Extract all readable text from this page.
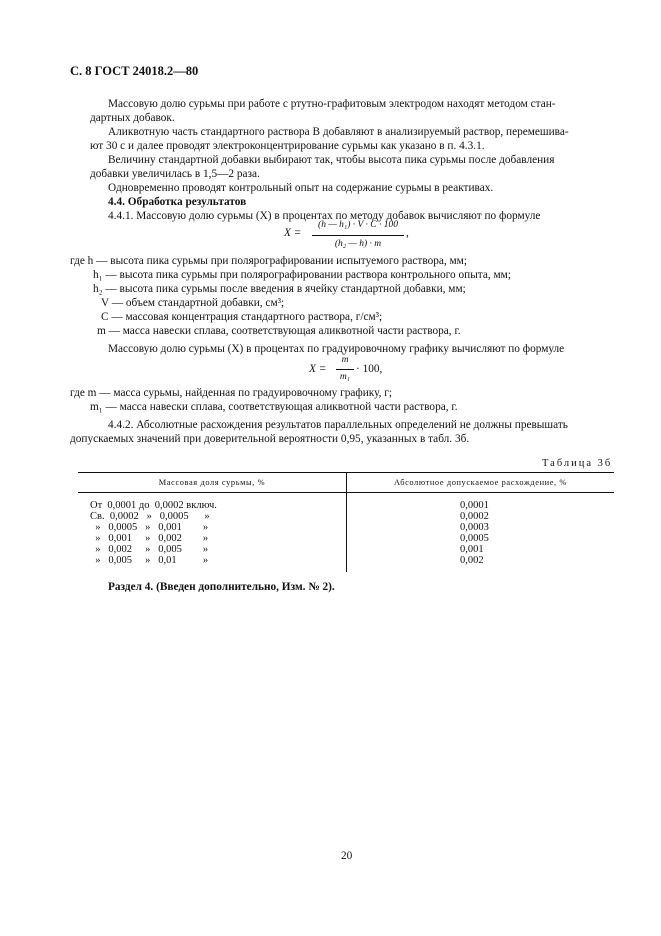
С. 8 ГОСТ 24018.2—80
Массовую долю сурьмы при работе с ртутно-графитовым электродом находят методом стан-
дартных добавок.
Аликвотную часть стандартного раствора В добавляют в анализируемый раствор, перемешива-
ют 30 с и далее проводят электроконцентрирование сурьмы как указано в п. 4.3.1.
Величину стандартной добавки выбирают так, чтобы высота пика сурьмы после добавления
добавки увеличилась в 1,5—2 раза.
Одновременно проводят контрольный опыт на содержание сурьмы в реактивах.
4.4. Обработка результатов
4.4.1. Массовую долю сурьмы (X) в процентах по методу добавок вычисляют по формуле
X =
(h — h₁) · V · C · 100
(h₂ — h) · m
,
где h — высота пика сурьмы при полярографировании испытуемого раствора, мм;
h₁ — высота пика сурьмы при полярографировании раствора контрольного опыта, мм;
h₂ — высота пика сурьмы после введения в ячейку стандартной добавки, мм;
V — объем стандартной добавки, см³;
C — массовая концентрация стандартного раствора, г/см³;
m — масса навески сплава, соответствующая аликвотной части раствора, г.
Массовую долю сурьмы (X) в процентах по градуировочному графику вычисляют по формуле
X =
m
m₁
· 100,
где m — масса сурьмы, найденная по градуировочному графику, г;
m₁ — масса навески сплава, соответствующая аликвотной части раствора, г.
4.4.2. Абсолютные расхождения результатов параллельных определений не должны превышать
допускаемых значений при доверительной вероятности 0,95, указанных в табл. 3б.
Таблица 3б
Массовая доля сурьмы, %	Абсолютное допускаемое расхождение, %
От  0,0001 до  0,0002 включ.	0,0001
Св.  0,0002   »   0,0005      »	0,0002
»   0,0005   »   0,001        »	0,0003
»   0,001     »   0,002        »	0,0005
»   0,002     »   0,005        »	0,001
»   0,005     »   0,01          »	0,002
Раздел 4. (Введен дополнительно, Изм. № 2).
20
